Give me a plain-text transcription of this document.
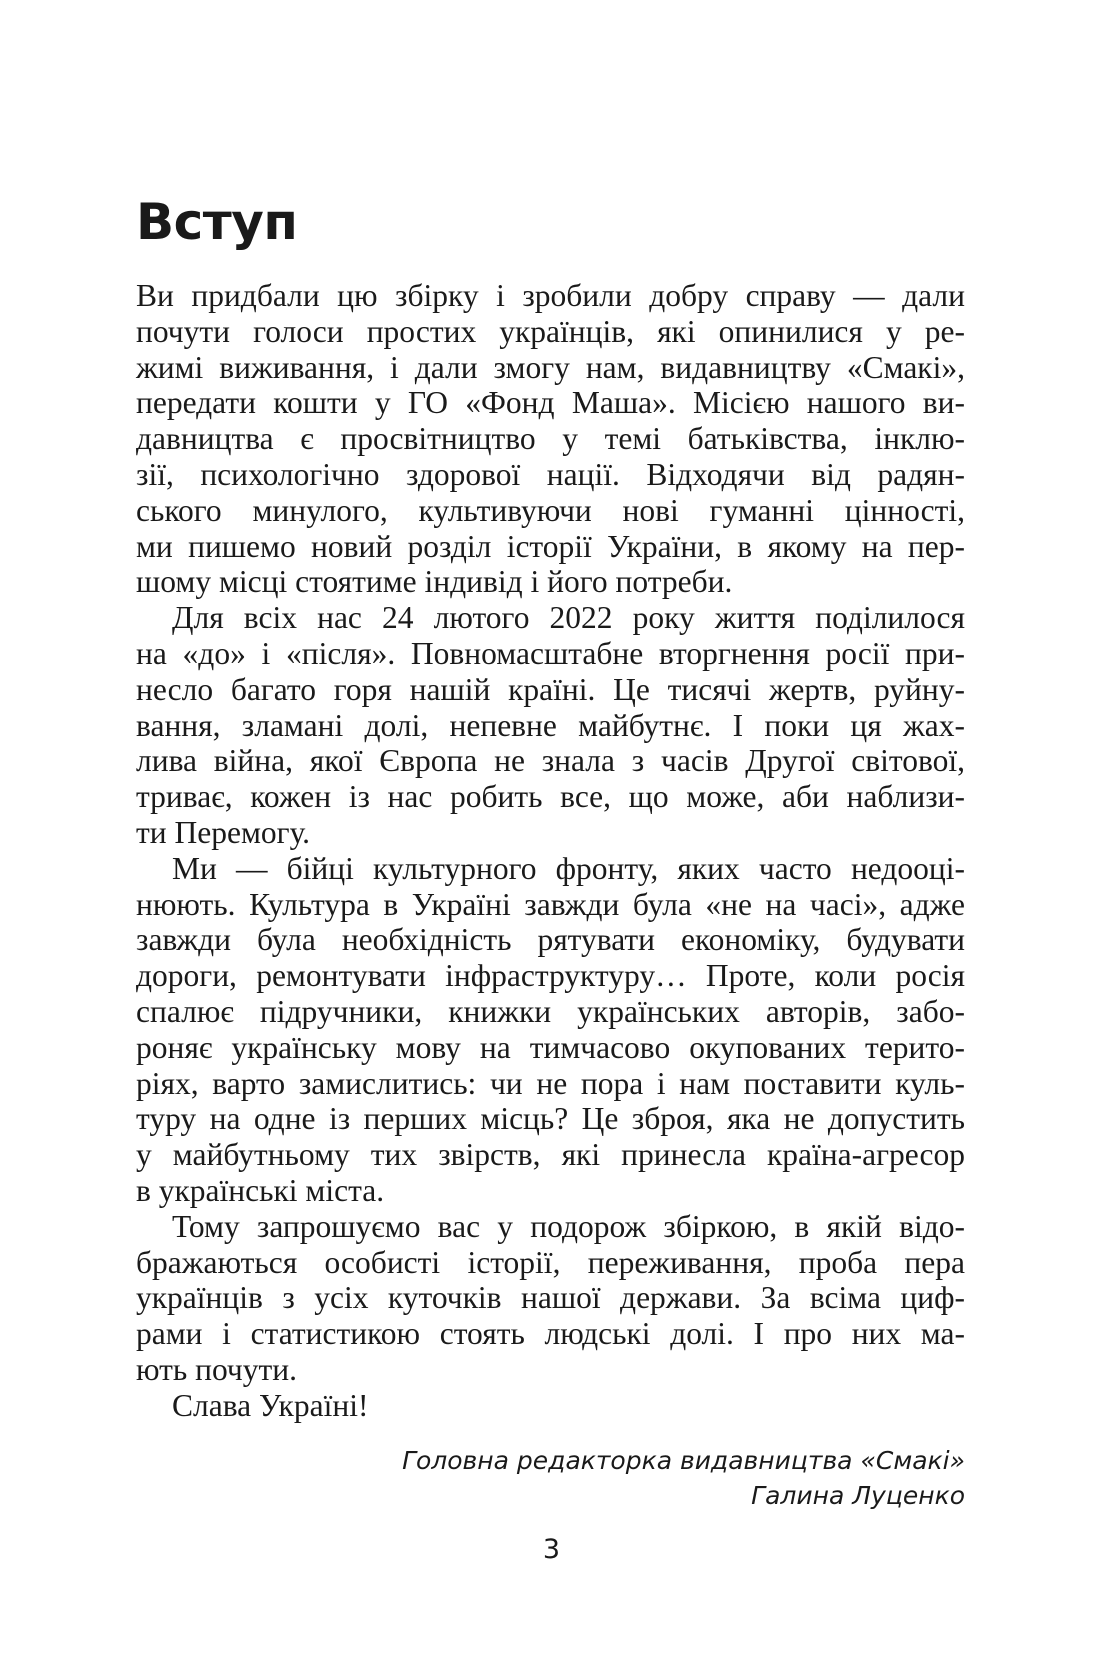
Вступ
Ви придбали цю збірку і зробили добру справу — дали
почути голоси простих українців, які опинилися у ре-
жимі виживання, і дали змогу нам, видавництву «Смакі»,
передати кошти у ГО «Фонд Маша». Місією нашого ви-
давництва є просвітництво у темі батьківства, інклю-
зії, психологічно здорової нації. Відходячи від радян-
ського минулого, культивуючи нові гуманні цінності,
ми пишемо новий розділ історії України, в якому на пер-
шому місці стоятиме індивід і його потреби.
Для всіх нас 24 лютого 2022 року життя поділилося
на «до» і «після». Повномасштабне вторгнення росії при-
несло багато горя нашій країні. Це тисячі жертв, руйну-
вання, зламані долі, непевне майбутнє. І поки ця жах-
лива війна, якої Європа не знала з часів Другої світової,
триває, кожен із нас робить все, що може, аби наблизи-
ти Перемогу.
Ми — бійці культурного фронту, яких часто недооці-
нюють. Культура в Україні завжди була «не на часі», адже
завжди була необхідність рятувати економіку, будувати
дороги, ремонтувати інфраструктуру… Проте, коли росія
спалює підручники, книжки українських авторів, забо-
роняє українську мову на тимчасово окупованих терито-
ріях, варто замислитись: чи не пора і нам поставити куль-
туру на одне із перших місць? Це зброя, яка не допустить
у майбутньому тих звірств, які принесла країна-агресор
в українські міста.
Тому запрошуємо вас у подорож збіркою, в якій відо-
бражаються особисті історії, переживання, проба пера
українців з усіх куточків нашої держави. За всіма циф-
рами і статистикою стоять людські долі. І про них ма-
ють почути.
Слава Україні!
Головна редакторка видавництва «Смакі»
Галина Луценко
3
